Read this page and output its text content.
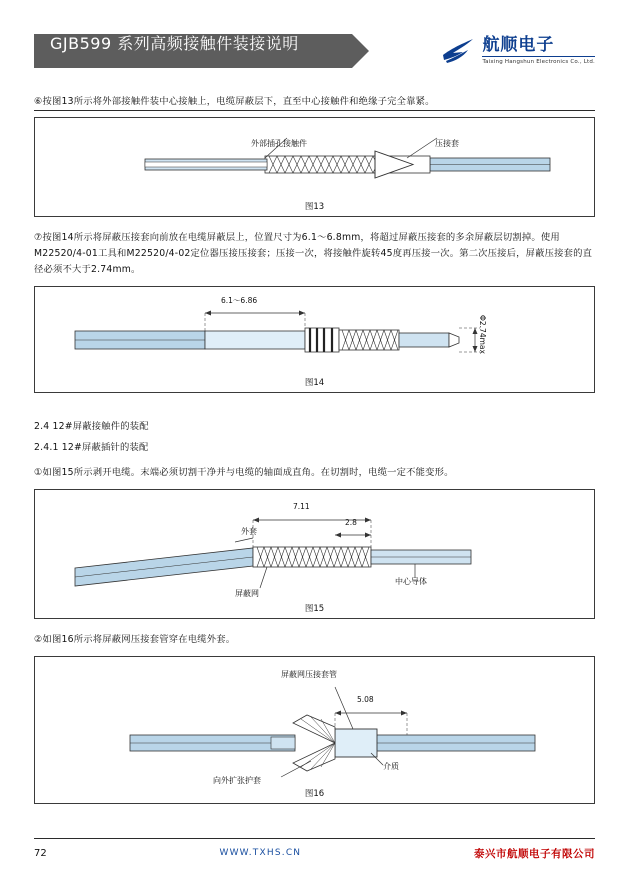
GJB599 系列高频接触件装接说明	航顺电子
Taixing Hangshun Electronics Co., Ltd.

⑥按图13所示将外部接触件装中心接触上，电缆屏蔽层下，直至中心接触件和绝缘子完全靠紧。

外部插孔接触件	压接套
图13

⑦按图14所示将屏蔽压接套向前放在电缆屏蔽层上，位置尺寸为6.1～6.8mm，将超过屏蔽压接套的多余屏蔽层切割掉。使用M22520/4-01工具和M22520/4-02定位器压接压接套；压接一次，将接触件旋转45度再压接一次。第二次压接后，屏蔽压接套的直径必须不大于2.74mm。

6.1～6.86
Φ2.74max
图14

2.4 12#屏蔽接触件的装配

2.4.1 12#屏蔽插针的装配

①如图15所示剥开电缆。末端必须切割干净并与电缆的轴面成直角。在切割时，电缆一定不能变形。

外套
屏蔽网
中心导体
7.11
2.8
图15

②如图16所示将屏蔽网压接套管穿在电缆外套。

屏蔽网压接套管
向外扩张护套
介质
5.08
图16
72	WWW.TXHS.CN	泰兴市航顺电子有限公司
